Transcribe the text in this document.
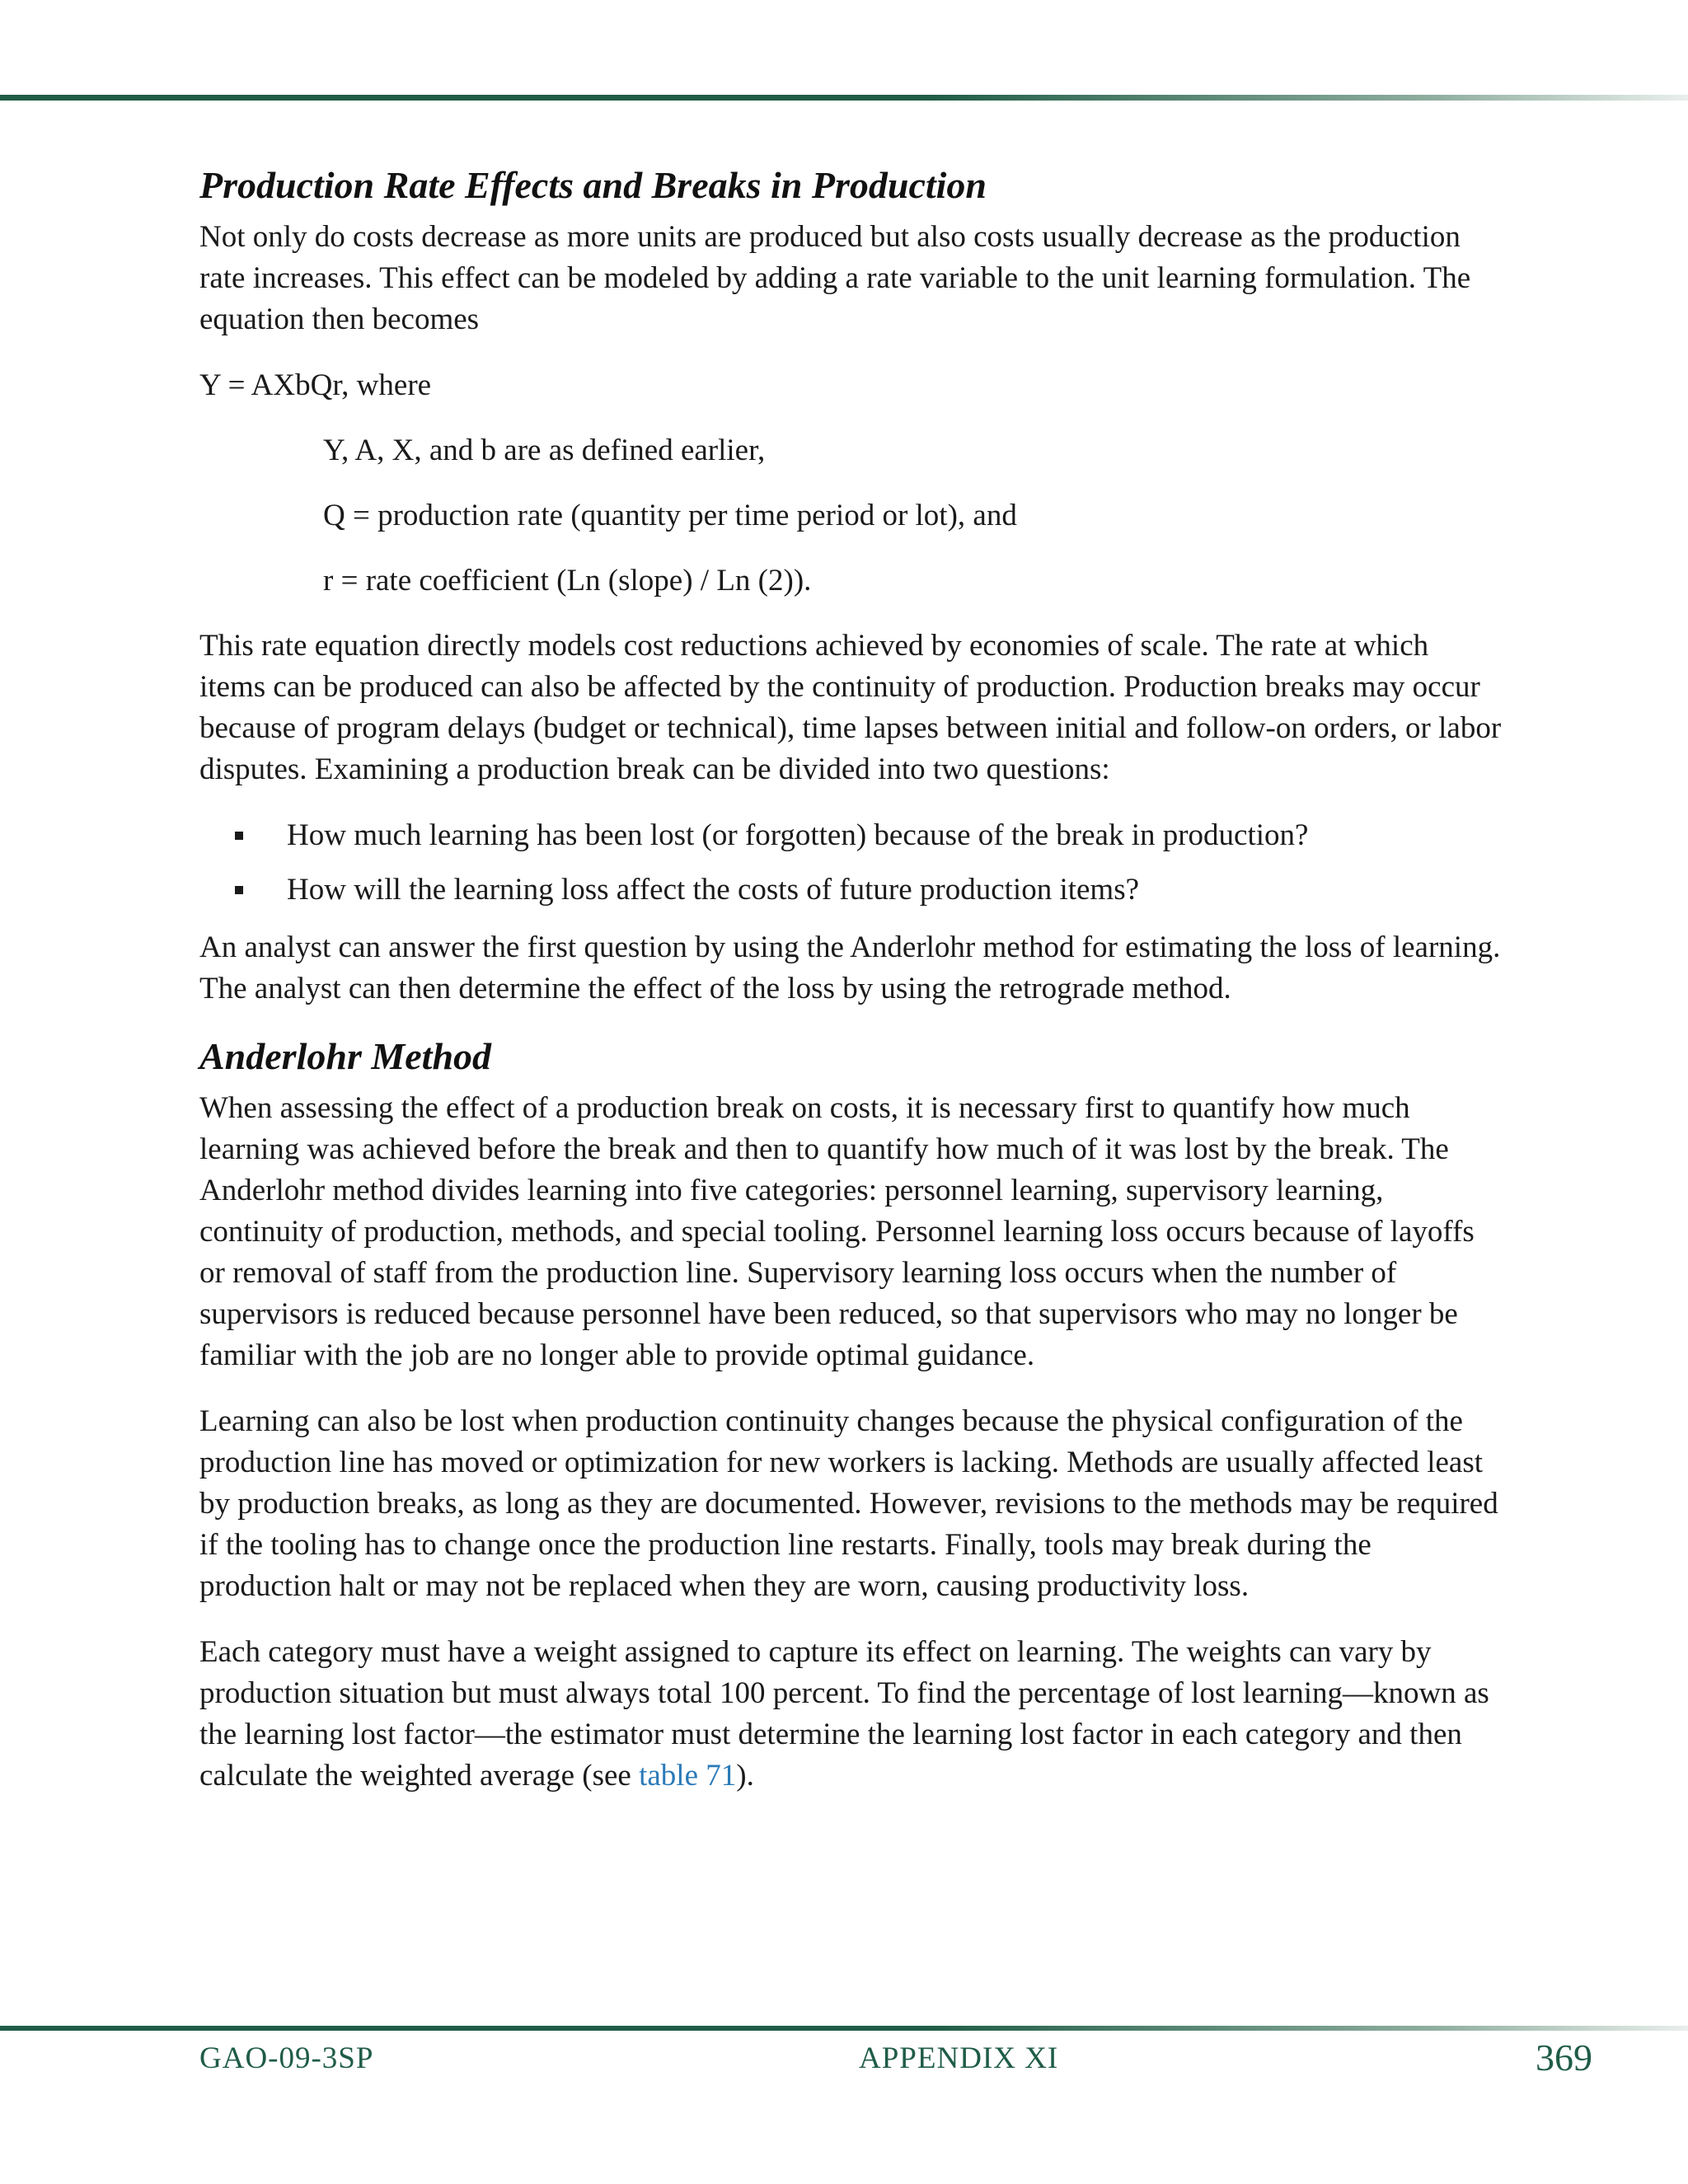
Production Rate Effects and Breaks in Production

Not only do costs decrease as more units are produced but also costs usually decrease as the production rate increases. This effect can be modeled by adding a rate variable to the unit learning formulation. The equation then becomes

Y = AXbQr, where

Y, A, X, and b are as defined earlier,

Q = production rate (quantity per time period or lot), and

r = rate coefficient (Ln (slope) / Ln (2)).

This rate equation directly models cost reductions achieved by economies of scale. The rate at which items can be produced can also be affected by the continuity of production. Production breaks may occur because of program delays (budget or technical), time lapses between initial and follow-on orders, or labor disputes. Examining a production break can be divided into two questions:

How much learning has been lost (or forgotten) because of the break in production?
How will the learning loss affect the costs of future production items?

An analyst can answer the first question by using the Anderlohr method for estimating the loss of learning. The analyst can then determine the effect of the loss by using the retrograde method.

Anderlohr Method

When assessing the effect of a production break on costs, it is necessary first to quantify how much learning was achieved before the break and then to quantify how much of it was lost by the break. The Anderlohr method divides learning into five categories: personnel learning, supervisory learning, continuity of production, methods, and special tooling. Personnel learning loss occurs because of layoffs or removal of staff from the production line. Supervisory learning loss occurs when the number of supervisors is reduced because personnel have been reduced, so that supervisors who may no longer be familiar with the job are no longer able to provide optimal guidance.

Learning can also be lost when production continuity changes because the physical configuration of the production line has moved or optimization for new workers is lacking. Methods are usually affected least by production breaks, as long as they are documented. However, revisions to the methods may be required if the tooling has to change once the production line restarts. Finally, tools may break during the production halt or may not be replaced when they are worn, causing productivity loss.

Each category must have a weight assigned to capture its effect on learning. The weights can vary by production situation but must always total 100 percent. To find the percentage of lost learning—known as the learning lost factor—the estimator must determine the learning lost factor in each category and then calculate the weighted average (see table 71).

GAO-09-3SP	APPENDIX XI	369
